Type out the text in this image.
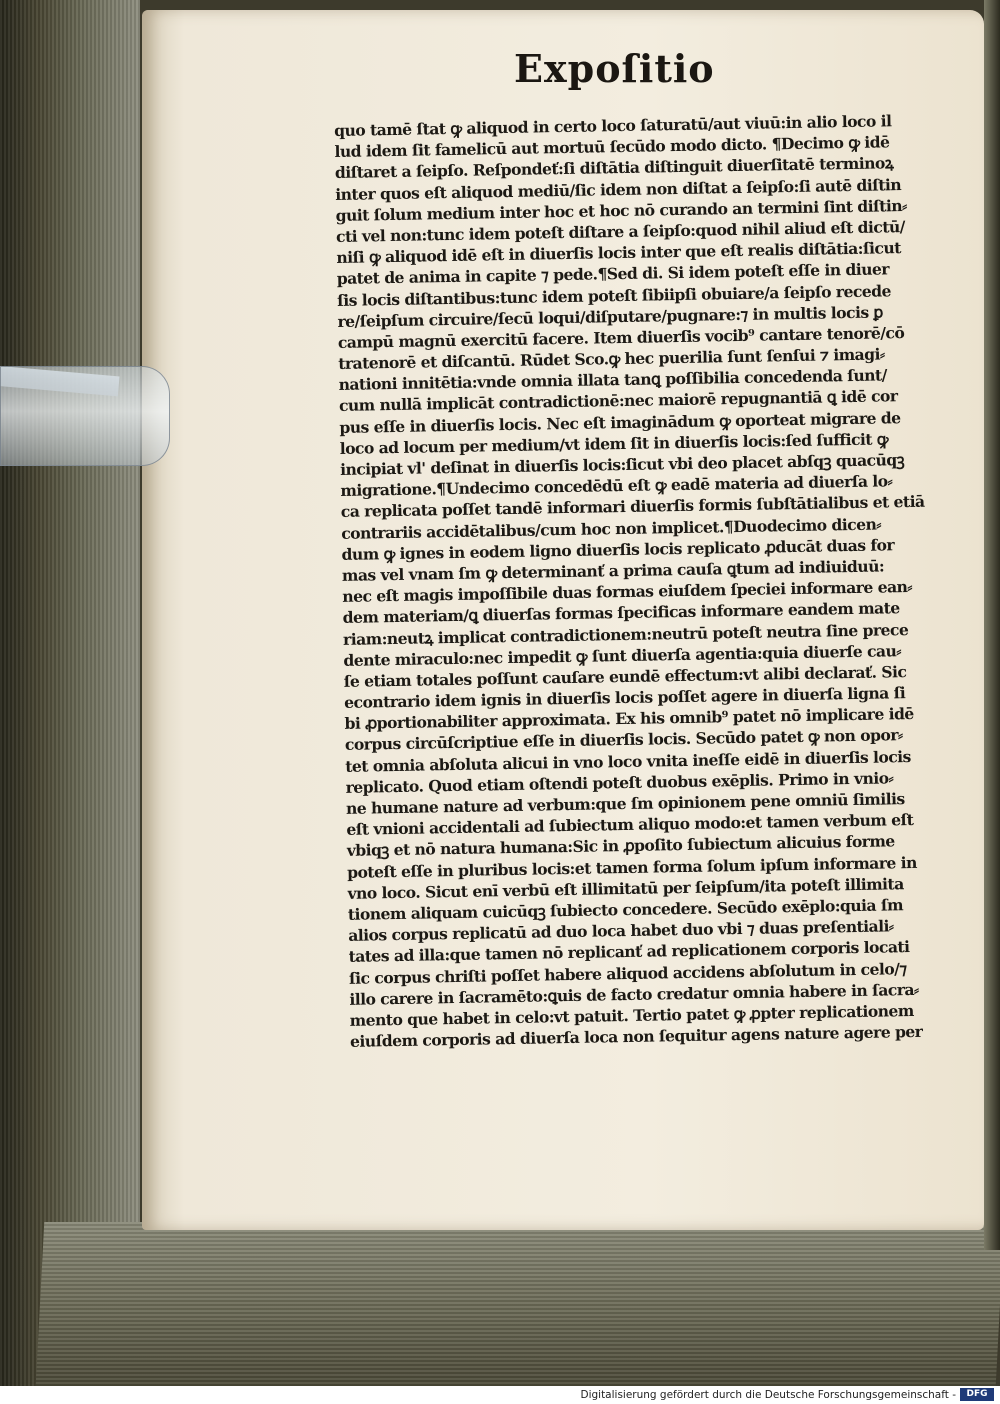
Expoſitio
quo tamē ſtat ꝙ aliquod in certo loco ſaturatū/aut viuū:in alio loco il
lud idem ſit famelicū aut mortuū ſecūdo modo dicto. ¶Decimo ꝙ idē
diſtaret a ſeipſo. Reſpondeť:ſi diſtātia diſtinguit diuerſitatē terminoꝝ
inter quos eſt aliquod mediū/ſic idem non diſtat a ſeipſo:ſi autē diſtin
guit ſolum medium inter hoc et hoc nō curando an termini ſint diſtin⸗
cti vel non:tunc idem poteſt diſtare a ſeipſo:quod nihil aliud eſt dictū/
niſi ꝙ aliquod idē eſt in diuerſis locis inter que eſt realis diſtātia:ſicut
patet de anima in capite ⁊ pede.¶Sed di. Si idem poteſt eſſe in diuer
ſis locis diſtantibus:tunc idem poteſt ſibiipſi obuiare/a ſeipſo recede
re/ſeipſum circuire/ſecū loqui/diſputare/pugnare:⁊ in multis locis ꝑ
campū magnū exercitū facere. Item diuerſis vocib⁹ cantare tenorē/cō
tratenorē et diſcantū. Rūdet Sco.ꝙ hec puerilia ſunt ſenſui ⁊ imagi⸗
nationi innitētia:vnde omnia illata tanꝗ poſſibilia concedenda ſunt/
cum nullā implicāt contradictionē:nec maiorē repugnantiā ꝗ idē cor
pus eſſe in diuerſis locis. Nec eſt imaginādum ꝙ oporteat migrare de
loco ad locum per medium/vt idem ſit in diuerſis locis:ſed ſufficit ꝙ
incipiat vl' deſinat in diuerſis locis:ſicut vbi deo placet abſqꝫ quacūqꝫ
migratione.¶Undecimo concedēdū eſt ꝙ eadē materia ad diuerſa lo⸗
ca replicata poſſet tandē informari diuerſis formis ſubſtātialibus et etiā
contrariis accidētalibus/cum hoc non implicet.¶Duodecimo dicen⸗
dum ꝙ ignes in eodem ligno diuerſis locis replicato ꝓducāt duas for
mas vel vnam ſm ꝙ determinanť a prima cauſa ꝗtum ad indiuiduū:
nec eſt magis impoſſibile duas formas eiuſdem ſpeciei informare ean⸗
dem materiam/ꝗ diuerſas formas ſpecificas informare eandem mate
riam:neutꝝ implicat contradictionem:neutrū poteſt neutra ſine prece
dente miraculo:nec impedit ꝙ ſunt diuerſa agentia:quia diuerſe cau⸗
ſe etiam totales poſſunt cauſare eundē effectum:vt alibi declarať. Sic
econtrario idem ignis in diuerſis locis poſſet agere in diuerſa ligna ſi
bi ꝓportionabiliter approximata. Ex his omnib⁹ patet nō implicare idē
corpus circūſcriptiue eſſe in diuerſis locis. Secūdo patet ꝙ non opor⸗
tet omnia abſoluta alicui in vno loco vnita ineſſe eidē in diuerſis locis
replicato. Quod etiam oſtendi poteſt duobus exēplis. Primo in vnio⸗
ne humane nature ad verbum:que ſm opinionem pene omniū ſimilis
eſt vnioni accidentali ad ſubiectum aliquo modo:et tamen verbum eſt
vbiqꝫ et nō natura humana:Sic in ꝓpoſito ſubiectum alicuius forme
poteſt eſſe in pluribus locis:et tamen forma ſolum ipſum informare in
vno loco. Sicut enī verbū eſt illimitatū per ſeipſum/ita poteſt illimita
tionem aliquam cuicūqꝫ ſubiecto concedere. Secūdo exēplo:quia ſm
alios corpus replicatū ad duo loca habet duo vbi ⁊ duas preſentiali⸗
tates ad illa:que tamen nō replicanť ad replicationem corporis locati
ſic corpus chriſti poſſet habere aliquod accidens abſolutum in celo/⁊
illo carere in ſacramēto:ꝗuis de facto credatur omnia habere in ſacra⸗
mento que habet in celo:vt patuit. Tertio patet ꝙ ꝓpter replicationem
eiuſdem corporis ad diuerſa loca non ſequitur agens nature agere per

Digitalisierung gefördert durch die Deutsche Forschungsgemeinschaft -	DFG
